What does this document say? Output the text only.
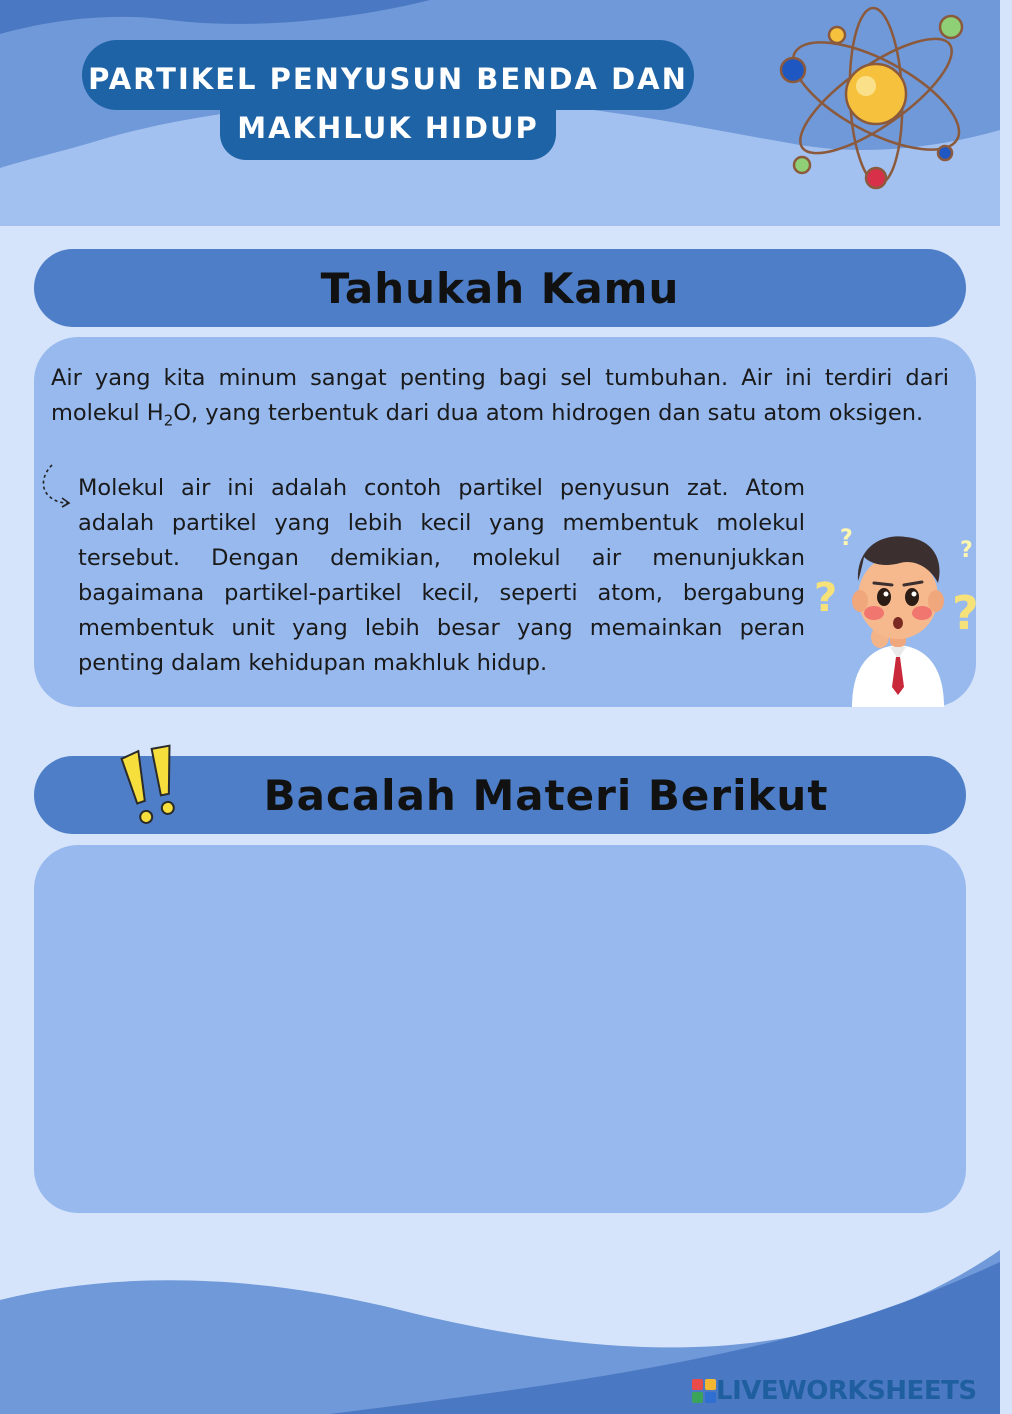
PARTIKEL PENYUSUN BENDA DAN
MAKHLUK HIDUP
Tahukah Kamu

Air yang kita minum sangat penting bagi sel tumbuhan. Air ini terdiri dari molekul $H_2O$, yang terbentuk dari dua atom hidrogen dan satu atom oksigen.

Molekul air ini adalah contoh partikel penyusun zat. Atom adalah partikel yang lebih kecil yang membentuk molekul tersebut. Dengan demikian, molekul air menunjukkan bagaimana partikel-partikel kecil, seperti atom, bergabung membentuk unit yang lebih besar yang memainkan peran penting dalam kehidupan makhluk hidup.

?
?
?
?
Bacalah Materi Berikut
LIVEWORKSHEETS
